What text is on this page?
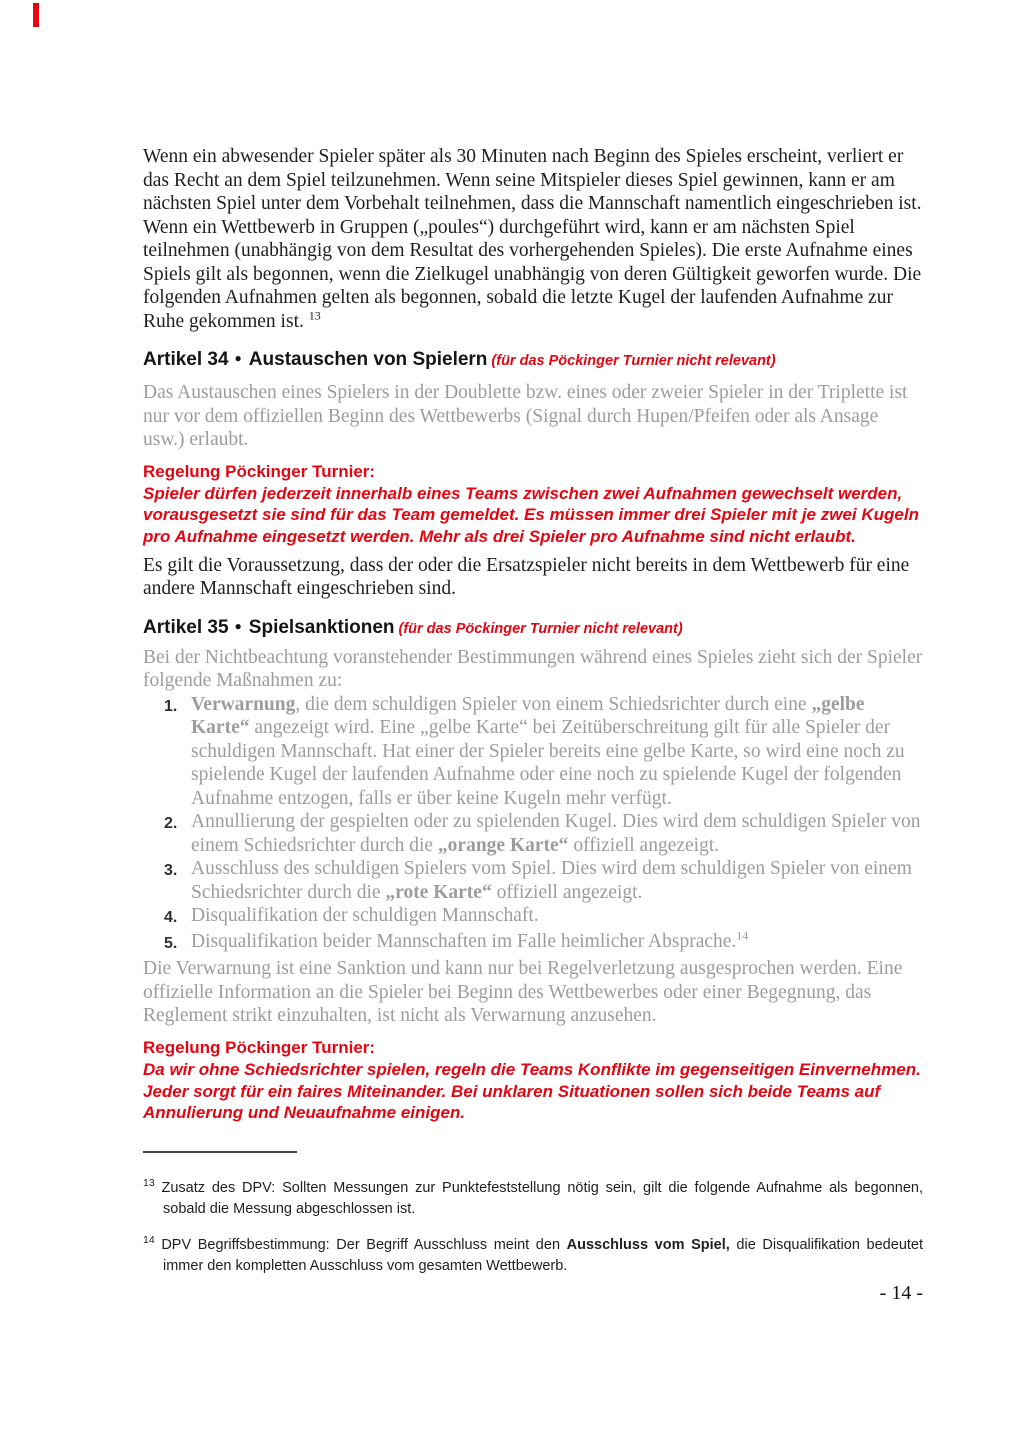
Wenn ein abwesender Spieler später als 30 Minuten nach Beginn des Spieles erscheint, verliert er das Recht an dem Spiel teilzunehmen. Wenn seine Mitspieler dieses Spiel gewinnen, kann er am nächsten Spiel unter dem Vorbehalt teilnehmen, dass die Mannschaft namentlich eingeschrieben ist. Wenn ein Wettbewerb in Gruppen („poules“) durchgeführt wird, kann er am nächsten Spiel teilnehmen (unabhängig von dem Resultat des vorhergehenden Spieles). Die erste Aufnahme eines Spiels gilt als begonnen, wenn die Zielkugel unabhängig von deren Gültigkeit geworfen wurde. Die folgenden Aufnahmen gelten als begonnen, sobald die letzte Kugel der laufenden Aufnahme zur Ruhe gekommen ist. $^{13}$

Artikel 34 ● Austauschen von Spielern (für das Pöckinger Turnier nicht relevant)

Das Austauschen eines Spielers in der Doublette bzw. eines oder zweier Spieler in der Triplette ist nur vor dem offiziellen Beginn des Wettbewerbs (Signal durch Hupen/Pfeifen oder als Ansage usw.) erlaubt.

Regelung Pöckinger Turnier:

Spieler dürfen jederzeit innerhalb eines Teams zwischen zwei Aufnahmen gewechselt werden, vorausgesetzt sie sind für das Team gemeldet. Es müssen immer drei Spieler mit je zwei Kugeln pro Aufnahme eingesetzt werden. Mehr als drei Spieler pro Aufnahme sind nicht erlaubt.

Es gilt die Voraussetzung, dass der oder die Ersatzspieler nicht bereits in dem Wettbewerb für eine andere Mannschaft eingeschrieben sind.

Artikel 35 ● Spielsanktionen (für das Pöckinger Turnier nicht relevant)

Bei der Nichtbeachtung voranstehender Bestimmungen während eines Spieles zieht sich der Spieler folgende Maßnahmen zu:

1. Verwarnung, die dem schuldigen Spieler von einem Schiedsrichter durch eine „gelbe Karte“ angezeigt wird. Eine „gelbe Karte“ bei Zeitüberschreitung gilt für alle Spieler der schuldigen Mannschaft. Hat einer der Spieler bereits eine gelbe Karte, so wird eine noch zu spielende Kugel der laufenden Aufnahme oder eine noch zu spielende Kugel der folgenden Aufnahme entzogen, falls er über keine Kugeln mehr verfügt.
2. Annullierung der gespielten oder zu spielenden Kugel. Dies wird dem schuldigen Spieler von einem Schiedsrichter durch die „orange Karte“ offiziell angezeigt.
3. Ausschluss des schuldigen Spielers vom Spiel. Dies wird dem schuldigen Spieler von einem Schiedsrichter durch die „rote Karte“ offiziell angezeigt.
4. Disqualifikation der schuldigen Mannschaft.
5. Disqualifikation beider Mannschaften im Falle heimlicher Absprache.$^{14}$

Die Verwarnung ist eine Sanktion und kann nur bei Regelverletzung ausgesprochen werden. Eine offizielle Information an die Spieler bei Beginn des Wettbewerbes oder einer Begegnung, das Reglement strikt einzuhalten, ist nicht als Verwarnung anzusehen.

Regelung Pöckinger Turnier:

Da wir ohne Schiedsrichter spielen, regeln die Teams Konflikte im gegenseitigen Einvernehmen. Jeder sorgt für ein faires Miteinander. Bei unklaren Situationen sollen sich beide Teams auf Annulierung und Neuaufnahme einigen.

$^{13}$ Zusatz des DPV: Sollten Messungen zur Punktefeststellung nötig sein, gilt die folgende Aufnahme als begonnen, sobald die Messung abgeschlossen ist.

$^{14}$ DPV Begriffsbestimmung: Der Begriff Ausschluss meint den Ausschluss vom Spiel, die Disqualifikation bedeutet immer den kompletten Ausschluss vom gesamten Wettbewerb.

- 14 -
